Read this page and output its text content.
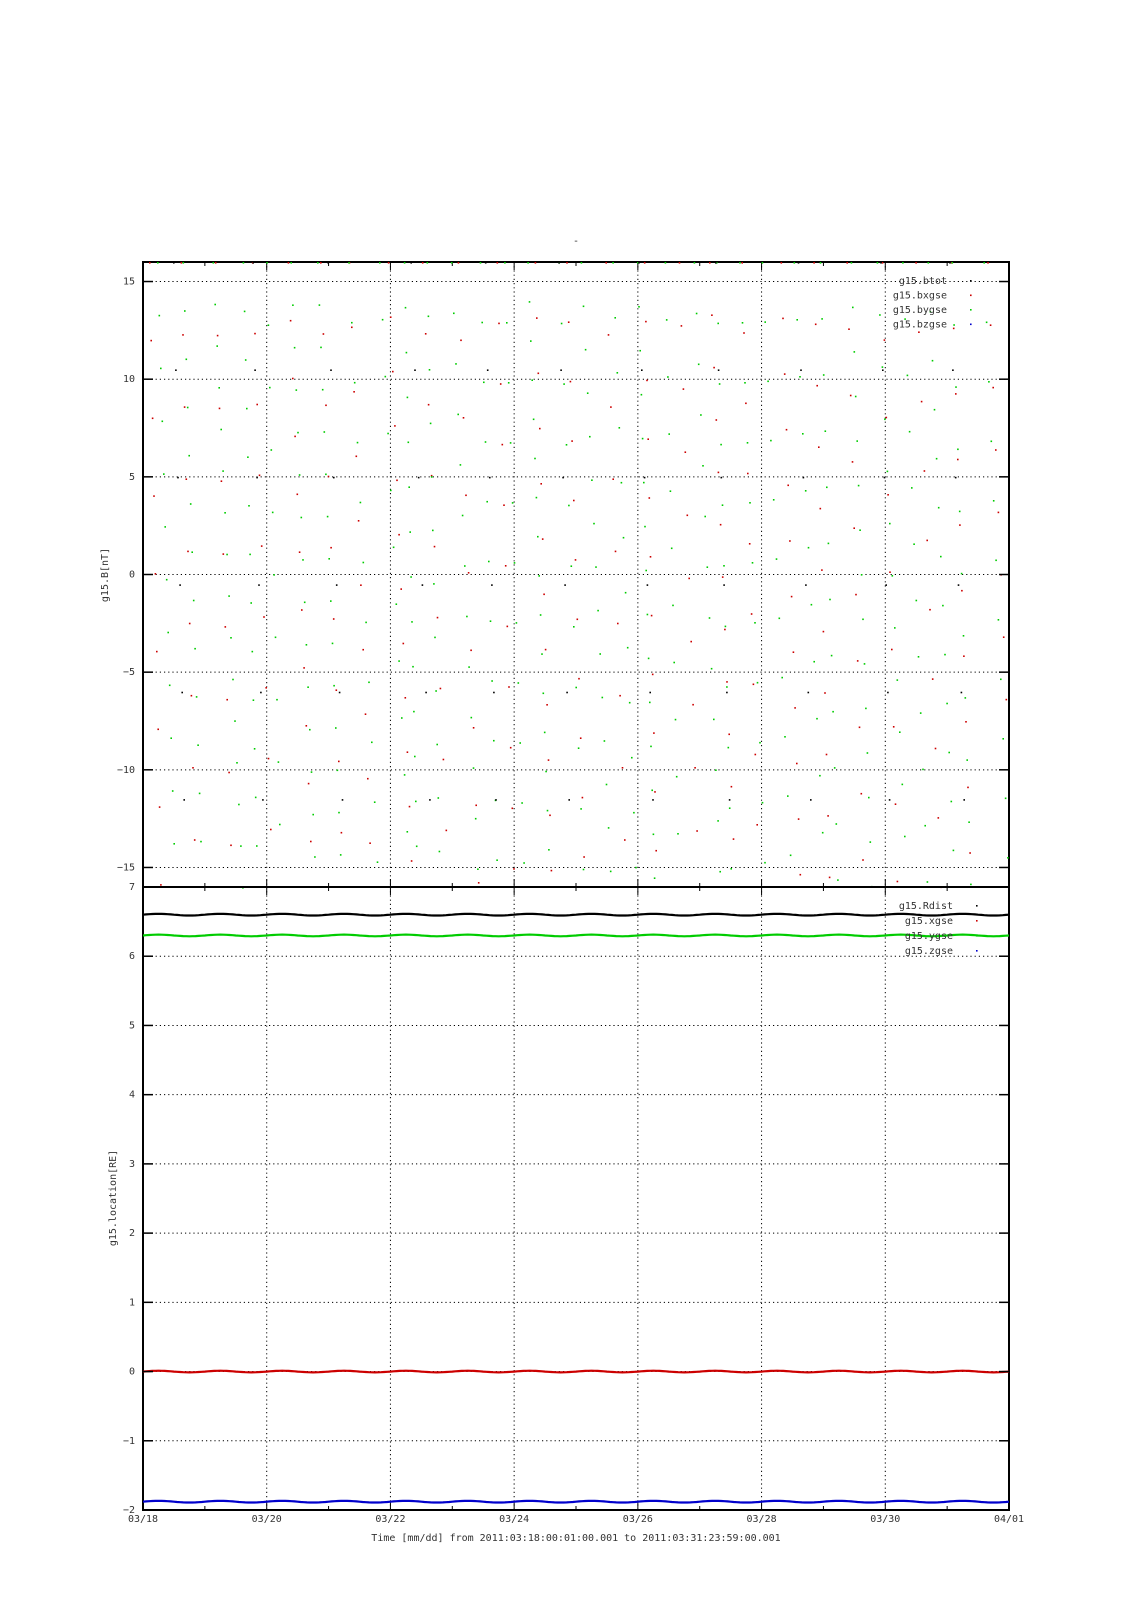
-
15
10
5
0
−5
−10
−15
g15.B[nT]
g15.btot
g15.bxgse
g15.bygse
g15.bzgse
7
6
5
4
3
2
1
0
−1
−2
g15.location[RE]
g15.Rdist
g15.xgse
g15.ygse
g15.zgse
03/18	03/20	03/22	03/24	03/26	03/28	03/30	04/01
Time [mm/dd] from 2011:03:18:00:01:00.001 to 2011:03:31:23:59:00.001
